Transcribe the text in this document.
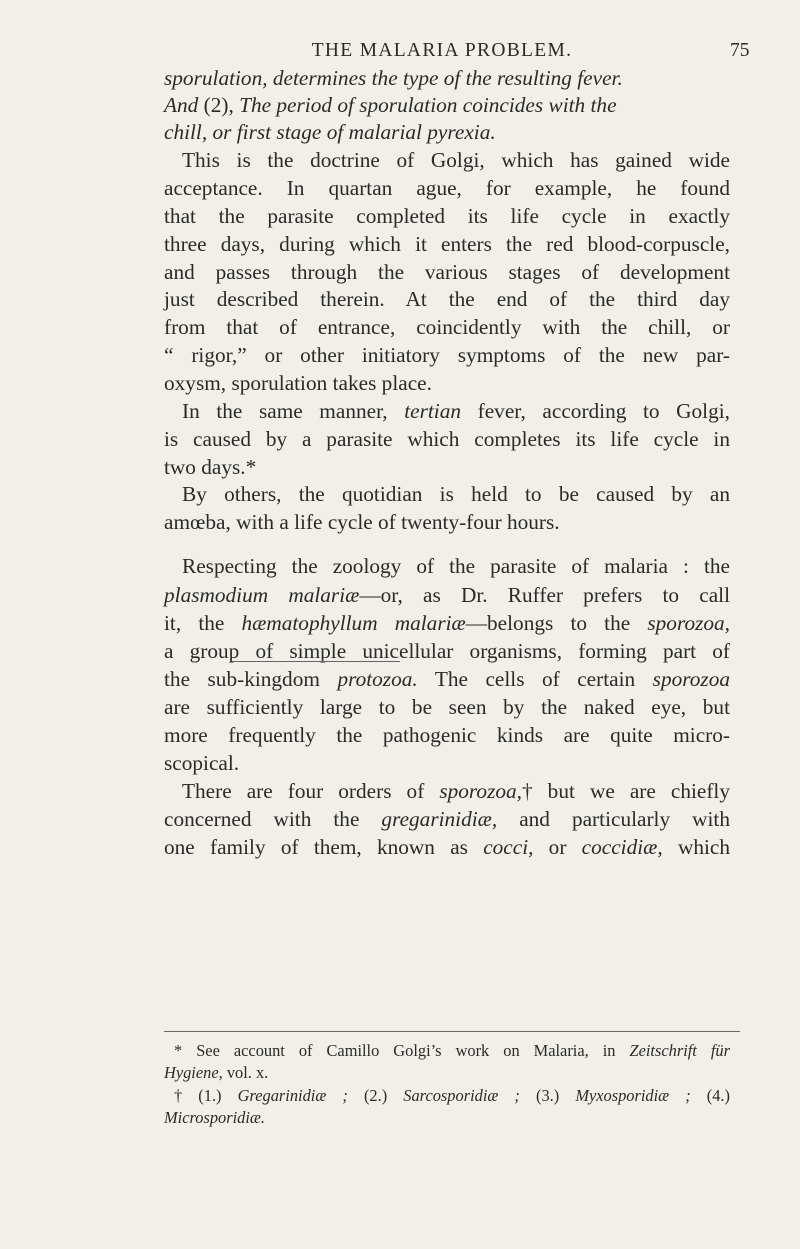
THE MALARIA PROBLEM.	75
sporulation, determines the type of the resulting fever.
And (2), The period of sporulation coincides with the
chill, or first stage of malarial pyrexia.
This is the doctrine of Golgi, which has gained wide
acceptance. In quartan ague, for example, he found
that the parasite completed its life cycle in exactly
three days, during which it enters the red blood-corpuscle,
and passes through the various stages of development
just described therein. At the end of the third day
from that of entrance, coincidently with the chill, or
“ rigor,” or other initiatory symptoms of the new par-
oxysm, sporulation takes place.
In the same manner, tertian fever, according to Golgi,
is caused by a parasite which completes its life cycle in
two days.*
By others, the quotidian is held to be caused by an
amœba, with a life cycle of twenty-four hours.
Respecting the zoology of the parasite of malaria : the
plasmodium malariæ—or, as Dr. Ruffer prefers to call
it, the hæmatophyllum malariæ—belongs to the sporozoa,
a group of simple unicellular organisms, forming part of
the sub-kingdom protozoa. The cells of certain sporozoa
are sufficiently large to be seen by the naked eye, but
more frequently the pathogenic kinds are quite micro-
scopical.
There are four orders of sporozoa,† but we are chiefly
concerned with the gregarinidiæ, and particularly with
one family of them, known as cocci, or coccidiæ, which
* See account of Camillo Golgi’s work on Malaria, in Zeitschrift für
Hygiene, vol. x.
† (1.) Gregarinidiæ ; (2.) Sarcosporidiæ ; (3.) Myxosporidiæ ; (4.)
Microsporidiæ.
